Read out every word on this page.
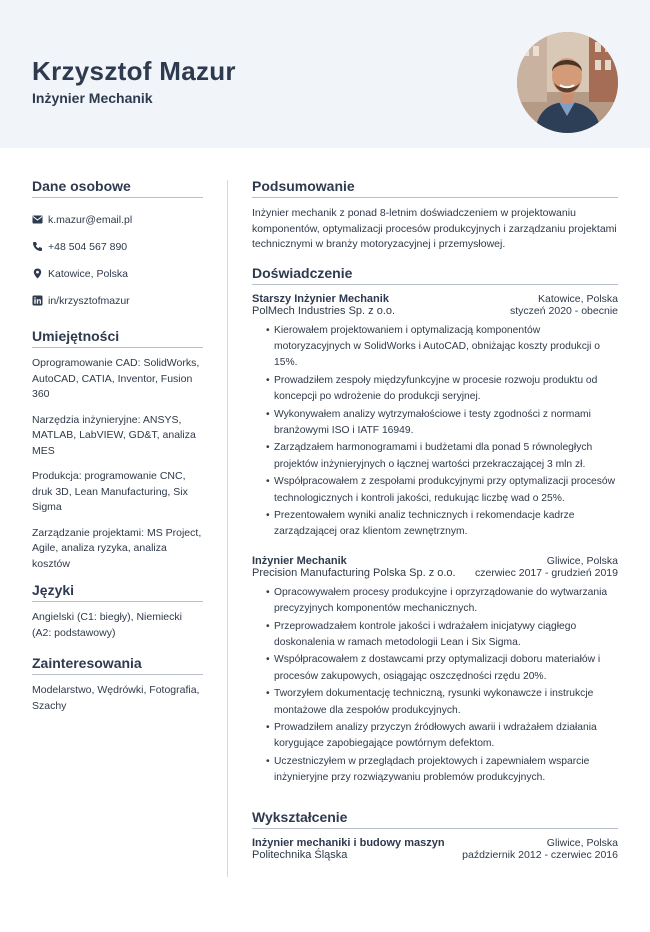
Krzysztof Mazur
Inżynier Mechanik
Dane osobowe
k.mazur@email.pl
+48 504 567 890
Katowice, Polska
in/krzysztofmazur
Umiejętności
Oprogramowanie CAD: SolidWorks, AutoCAD, CATIA, Inventor, Fusion 360
Narzędzia inżynieryjne: ANSYS, MATLAB, LabVIEW, GD&T, analiza MES
Produkcja: programowanie CNC, druk 3D, Lean Manufacturing, Six Sigma
Zarządzanie projektami: MS Project, Agile, analiza ryzyka, analiza kosztów
Języki
Angielski (C1: biegły), Niemiecki (A2: podstawowy)
Zainteresowania
Modelarstwo, Wędrówki, Fotografia, Szachy
Podsumowanie
Inżynier mechanik z ponad 8-letnim doświadczeniem w projektowaniu komponentów, optymalizacji procesów produkcyjnych i zarządzaniu projektami technicznymi w branży motoryzacyjnej i przemysłowej.
Doświadczenie
Starszy Inżynier Mechanik	Katowice, Polska
PolMech Industries Sp. z o.o.	styczeń 2020 - obecnie
• Kierowałem projektowaniem i optymalizacją komponentów motoryzacyjnych w SolidWorks i AutoCAD, obniżając koszty produkcji o 15%.
• Prowadziłem zespoły międzyfunkcyjne w procesie rozwoju produktu od koncepcji po wdrożenie do produkcji seryjnej.
• Wykonywałem analizy wytrzymałościowe i testy zgodności z normami branżowymi ISO i IATF 16949.
• Zarządzałem harmonogramami i budżetami dla ponad 5 równoległych projektów inżynieryjnych o łącznej wartości przekraczającej 3 mln zł.
• Współpracowałem z zespołami produkcyjnymi przy optymalizacji procesów technologicznych i kontroli jakości, redukując liczbę wad o 25%.
• Prezentowałem wyniki analiz technicznych i rekomendacje kadrze zarządzającej oraz klientom zewnętrznym.
Inżynier Mechanik	Gliwice, Polska
Precision Manufacturing Polska Sp. z o.o. czerwiec 2017 - grudzień 2019
• Opracowywałem procesy produkcyjne i oprzyrządowanie do wytwarzania precyzyjnych komponentów mechanicznych.
• Przeprowadzałem kontrole jakości i wdrażałem inicjatywy ciągłego doskonalenia w ramach metodologii Lean i Six Sigma.
• Współpracowałem z dostawcami przy optymalizacji doboru materiałów i procesów zakupowych, osiągając oszczędności rzędu 20%.
• Tworzyłem dokumentację techniczną, rysunki wykonawcze i instrukcje montażowe dla zespołów produkcyjnych.
• Prowadziłem analizy przyczyn źródłowych awarii i wdrażałem działania korygujące zapobiegające powtórnym defektom.
• Uczestniczyłem w przeglądach projektowych i zapewniałem wsparcie inżynieryjne przy rozwiązywaniu problemów produkcyjnych.
Wykształcenie
Inżynier mechaniki i budowy maszyn	Gliwice, Polska
Politechnika Śląska	październik 2012 - czerwiec 2016
